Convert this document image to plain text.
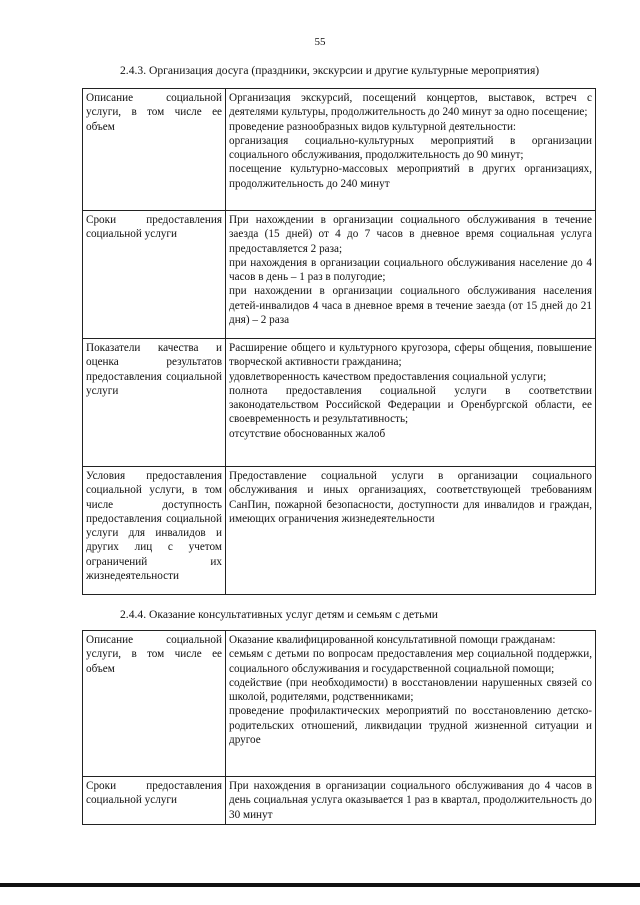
55
2.4.3. Организация досуга (праздники, экскурсии и другие культурные мероприятия)
Описание социальной услуги, в том числе ее объем	Организация экскурсий, посещений концертов, выставок, встреч с деятелями культуры, продолжительность до 240 минут за одно посещение;
проведение разнообразных видов культурной деятельности:
организация социально-культурных мероприятий в организации социального обслуживания, продолжительность до 90 минут;
посещение культурно-массовых мероприятий в других организациях, продолжительность до 240 минут

Сроки предоставления социальной услуги	При нахождении в организации социального обслуживания в течение заезда (15 дней) от 4 до 7 часов в дневное время социальная услуга предоставляется 2 раза;
при нахождения в организации социального обслуживания население до 4 часов в день – 1 раз в полугодие;
при нахождении в организации социального обслуживания населения детей-инвалидов 4 часа в дневное время в течение заезда (от 15 дней до 21 дня) – 2 раза

Показатели качества и оценка результатов предоставления социальной услуги	Расширение общего и культурного кругозора, сферы общения, повышение творческой активности гражданина;
удовлетворенность качеством предоставления социальной услуги;
полнота предоставления социальной услуги в соответствии законодательством Российской Федерации и Оренбургской области, ее своевременность и результативность;
отсутствие обоснованных жалоб

Условия предоставления социальной услуги, в том числе доступность предоставления социальной услуги для инвалидов и других лиц с учетом ограничений их жизнедеятельности	Предоставление социальной услуги в организации социального обслуживания и иных организациях, соответствующей требованиям СанПин, пожарной безопасности, доступности для инвалидов и граждан, имеющих ограничения жизнедеятельности
2.4.4. Оказание консультативных услуг детям и семьям с детьми
Описание социальной услуги, в том числе ее объем	Оказание квалифицированной консультативной помощи гражданам:
семьям с детьми по вопросам предоставления мер социальной поддержки, социального обслуживания и государственной социальной помощи;
содействие (при необходимости) в восстановлении нарушенных связей со школой, родителями, родственниками;
проведение профилактических мероприятий по восстановлению детско-родительских отношений, ликвидации трудной жизненной ситуации и другое

Сроки предоставления социальной услуги	При нахождения в организации социального обслуживания до 4 часов в день социальная услуга оказывается 1 раз в квартал, продолжительность до 30 минут
